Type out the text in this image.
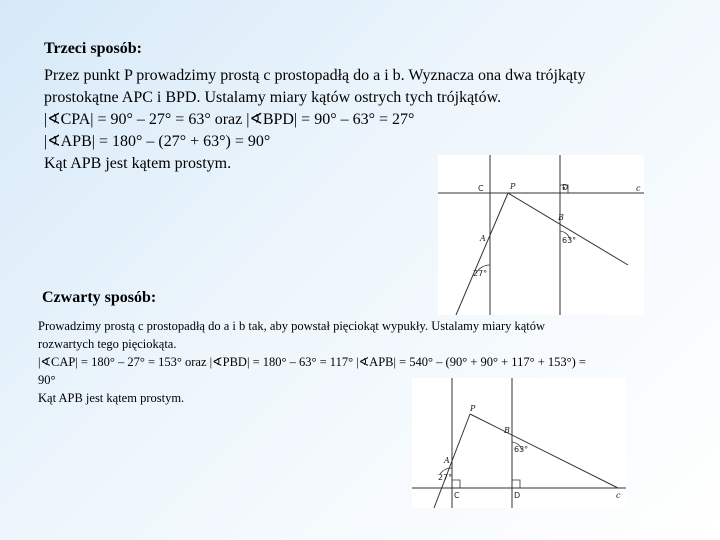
Trzeci sposób:
Przez punkt P prowadzimy prostą c prostopadłą do a i b. Wyznacza ona dwa trójkąty
prostokątne APC i BPD. Ustalamy miary kątów ostrych tych trójkątów.
|∢CPA| = 90° – 27° = 63° oraz |∢BPD| = 90° – 63° = 27°
|∢APB| = 180° – (27° + 63°) = 90°
Kąt APB jest kątem prostym.
C	P	D	c
B
A	63°
27°
Czwarty sposób:
Prowadzimy prostą c prostopadłą do a i b tak, aby powstał pięciokąt wypukły. Ustalamy miary kątów
rozwartych tego pięciokąta.
|∢CAP| = 180° – 27° = 153° oraz |∢PBD| = 180° – 63° = 117° |∢APB| = 540° – (90° + 90° + 117° + 153°) =
90°
Kąt APB jest kątem prostym.
P
B
63°
A
27°
C	D	c
